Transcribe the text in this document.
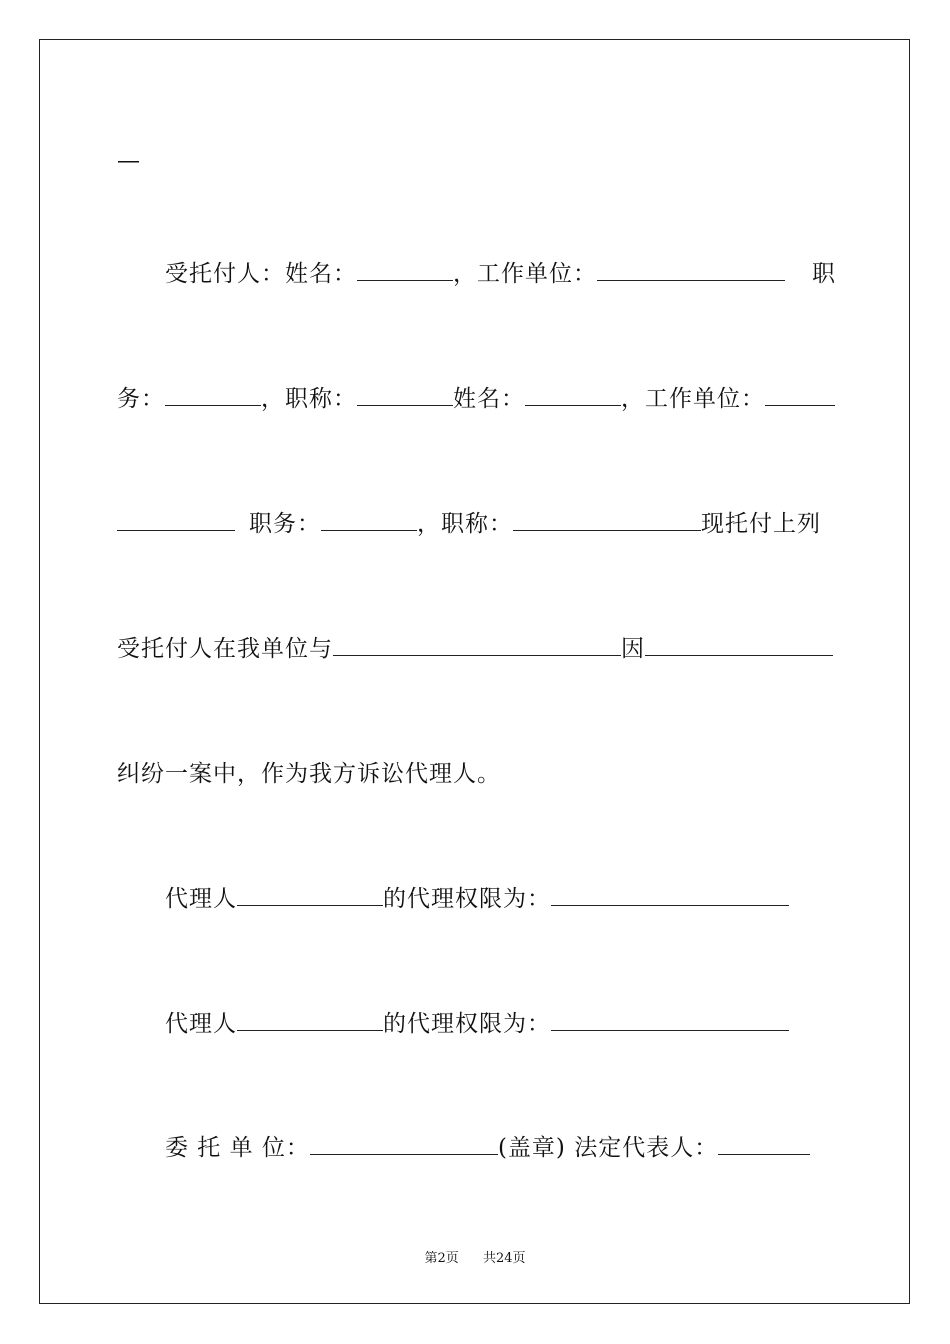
—
受托付人：姓名：	，工作单位：	职
务：	，职称：	姓名：	，工作单位：
职务：	，职称：	现托付上列
受托付人在我单位与	因
纠纷一案中，作为我方诉讼代理人。
代理人	的代理权限为：
代理人	的代理权限为：
委 托 单 位：	(盖章) 法定代表人：
第2页 共24页
